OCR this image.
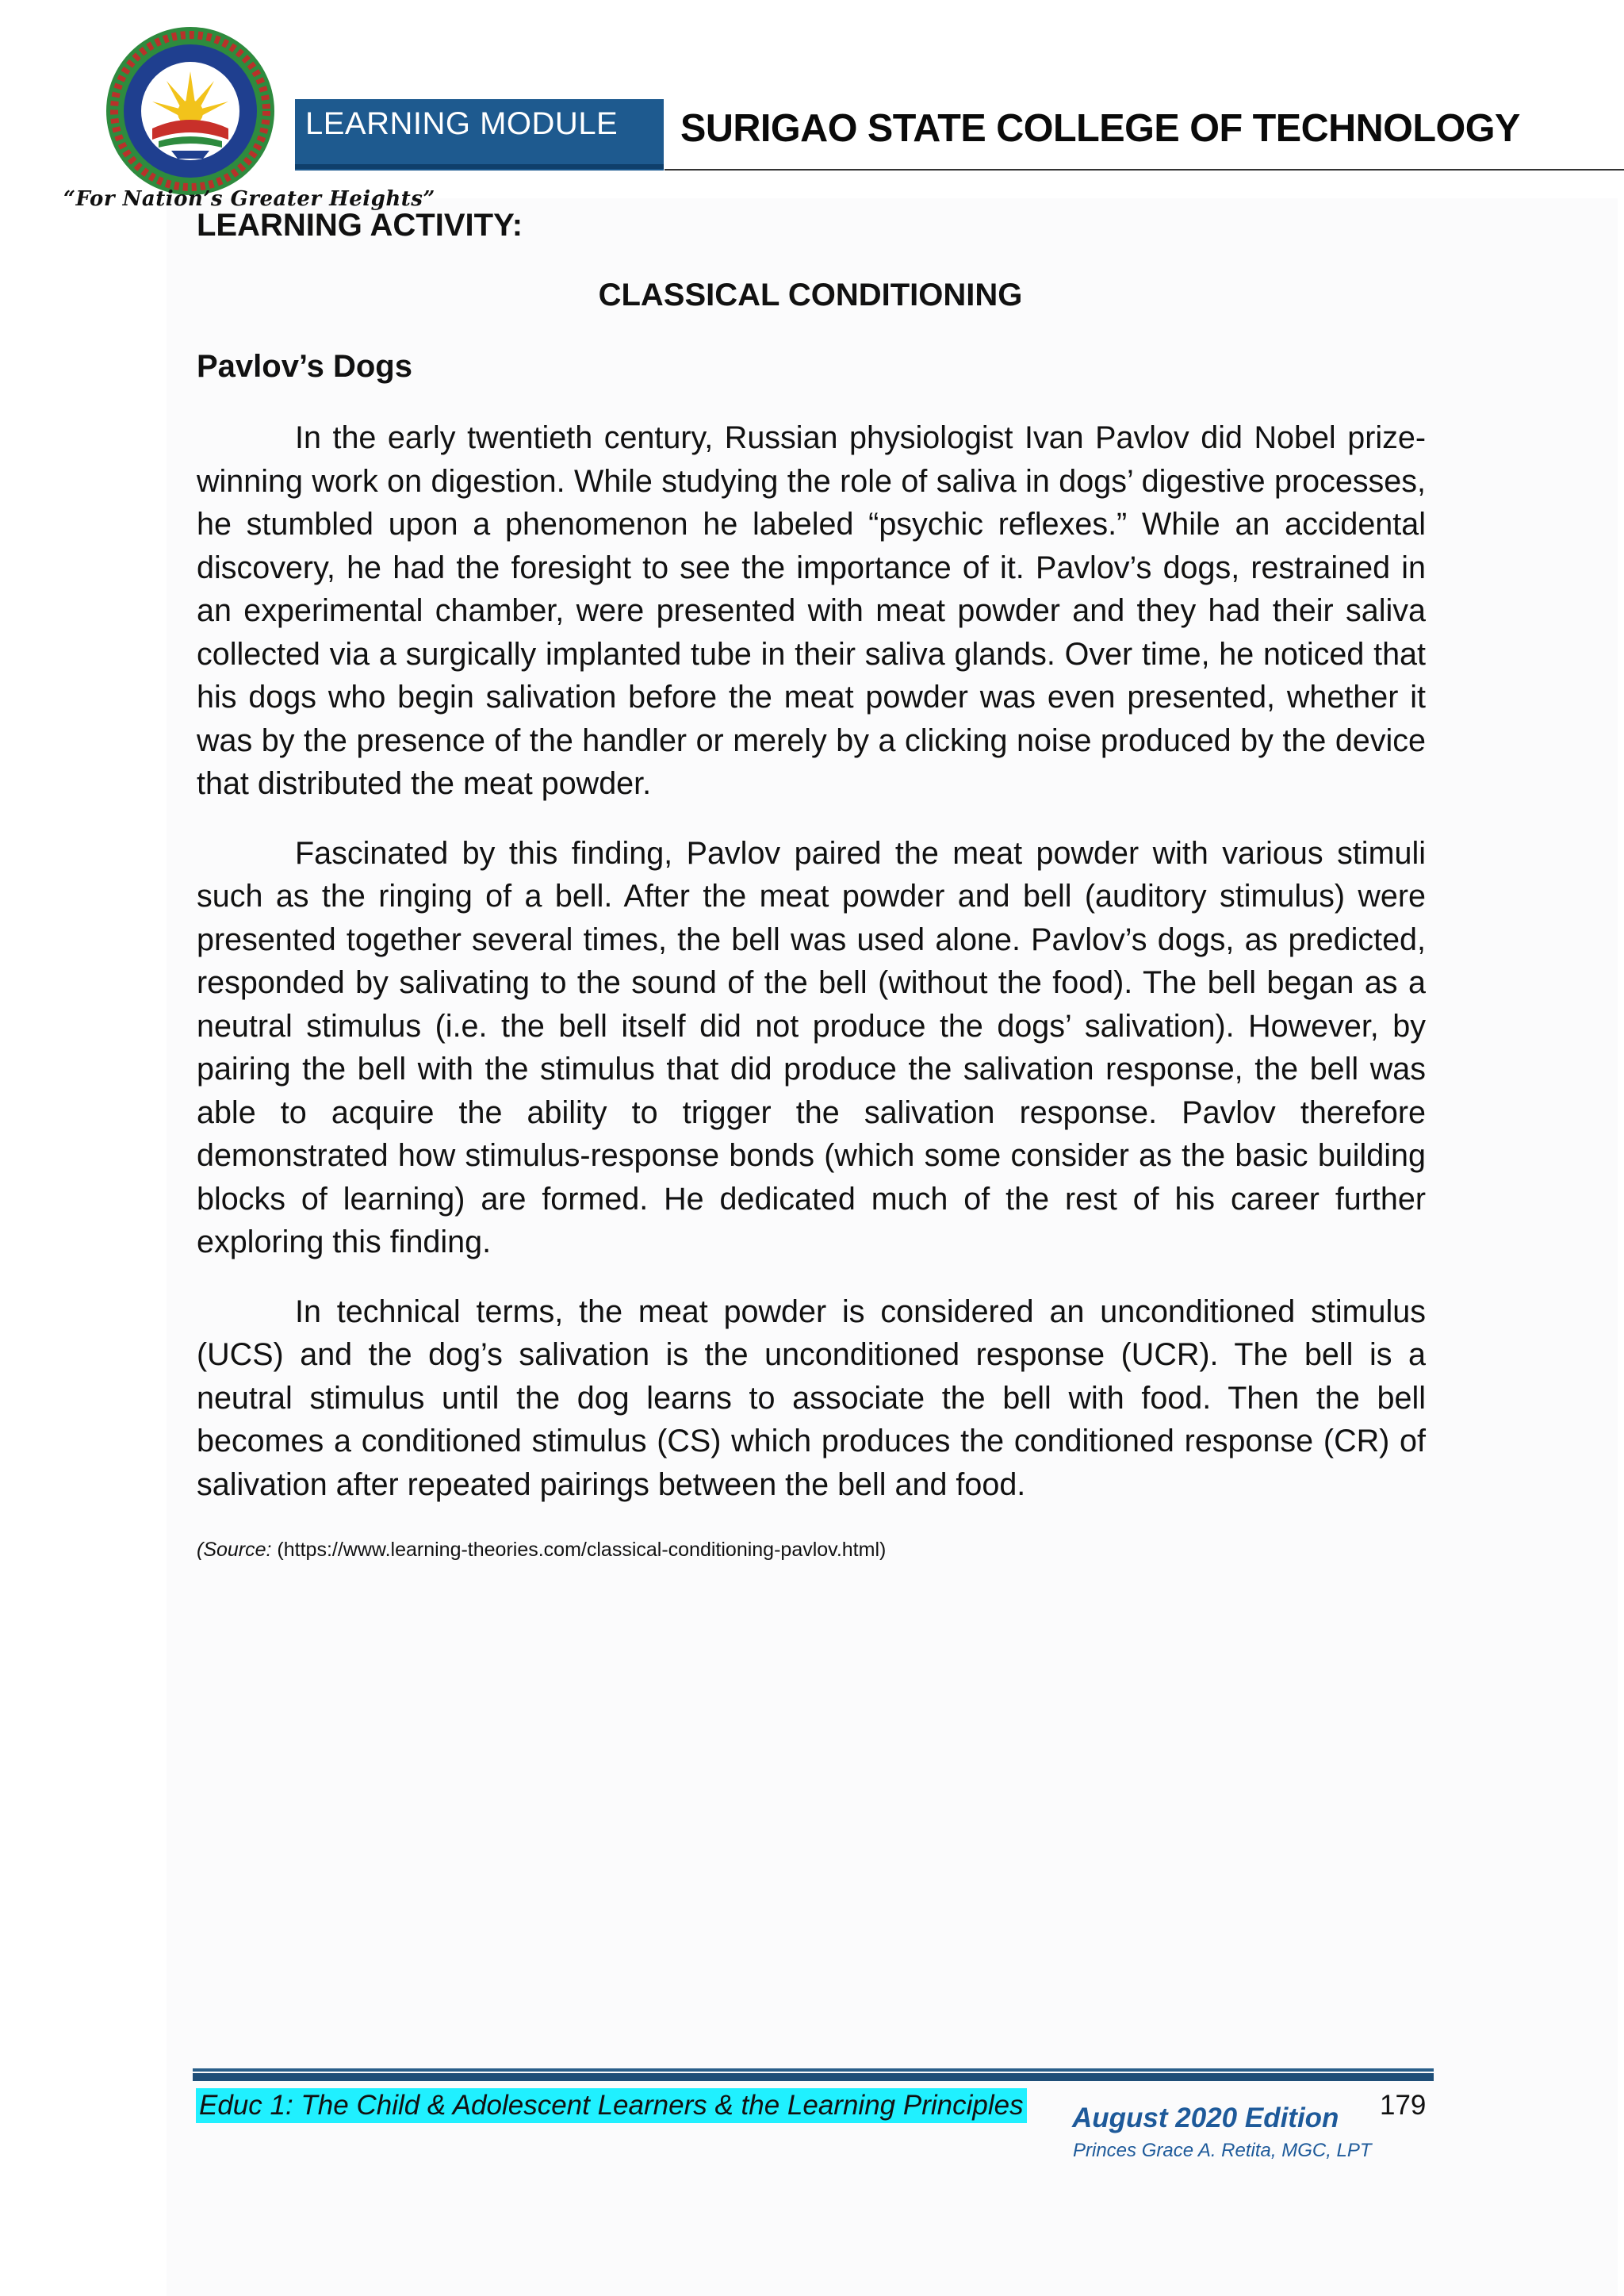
“For Nation’s Greater Heights”
LEARNING MODULE SURIGAO STATE COLLEGE OF TECHNOLOGY
LEARNING ACTIVITY:
CLASSICAL CONDITIONING
Pavlov’s Dogs

In the early twentieth century, Russian physiologist Ivan Pavlov did Nobel prize-winning work on digestion. While studying the role of saliva in dogs’ digestive processes, he stumbled upon a phenomenon he labeled “psychic reflexes.” While an accidental discovery, he had the foresight to see the importance of it. Pavlov’s dogs, restrained in an experimental chamber, were presented with meat powder and they had their saliva collected via a surgically implanted tube in their saliva glands. Over time, he noticed that his dogs who begin salivation before the meat powder was even presented, whether it was by the presence of the handler or merely by a clicking noise produced by the device that distributed the meat powder.

Fascinated by this finding, Pavlov paired the meat powder with various stimuli such as the ringing of a bell. After the meat powder and bell (auditory stimulus) were presented together several times, the bell was used alone. Pavlov’s dogs, as predicted, responded by salivating to the sound of the bell (without the food). The bell began as a neutral stimulus (i.e. the bell itself did not produce the dogs’ salivation). However, by pairing the bell with the stimulus that did produce the salivation response, the bell was able to acquire the ability to trigger the salivation response. Pavlov therefore demonstrated how stimulus-response bonds (which some consider as the basic building blocks of learning) are formed. He dedicated much of the rest of his career further exploring this finding.

In technical terms, the meat powder is considered an unconditioned stimulus (UCS) and the dog’s salivation is the unconditioned response (UCR). The bell is a neutral stimulus until the dog learns to associate the bell with food. Then the bell becomes a conditioned stimulus (CS) which produces the conditioned response (CR) of salivation after repeated pairings between the bell and food.

(Source: (https://www.learning-theories.com/classical-conditioning-pavlov.html)
Educ 1: The Child & Adolescent Learners & the Learning Principles August 2020 Edition 179
Princes Grace A. Retita, MGC, LPT
